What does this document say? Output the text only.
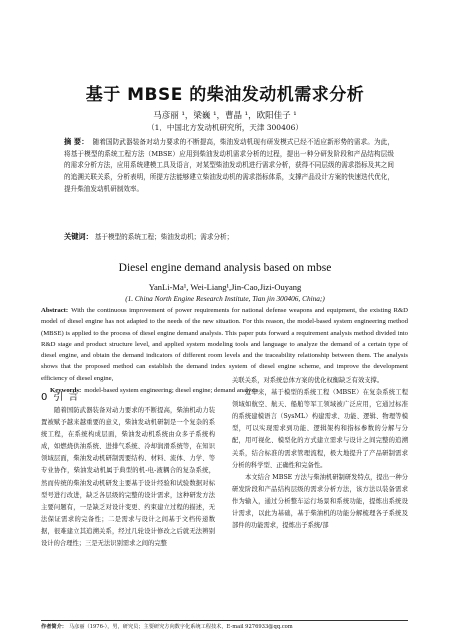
基于 MBSE 的柴油发动机需求分析
马彦丽 ¹，梁巍 ¹，曹晶 ¹，欧阳佳子 ¹
（1．中国北方发动机研究所，天津 300406）
摘 要： 随着国防武器装备对动力要求的不断提高，柴油发动机现有研发模式已经不适应新形势的需求。为此，将基于模型的系统工程方法（MBSE）应用到柴油发动机需求分析的过程，提出一种分研发阶段和产品结构层级的需求分析方法，应用系统建模工具及语言，对某型柴油发动机进行需求分析，获得不同层级的需求指标及其之间的追溯关联关系，分析表明，所提方法能够建立柴油发动机的需求指标体系，支撑产品设计方案的快速迭代优化，提升柴油发动机研制效率。
关键词： 基于模型的系统工程；柴油发动机；需求分析；
Diesel engine demand analysis based on mbse
YanLi-Ma¹, Wei-Liang¹,Jin-Cao,Jizi-Ouyang
(1. China North Engine Research Institute, Tian jin 300406, China;)
Abstract: With the continuous improvement of power requirements for national defense weapons and equipment, the existing R&D model of diesel engine has not adapted to the needs of the new situation. For this reason, the model-based system engineering method (MBSE) is applied to the process of diesel engine demand analysis. This paper puts forward a requirement analysis method divided into R&D stage and product structure level, and applied system modeling tools and language to analyze the demand of a certain type of diesel engine, and obtain the demand indicators of different room levels and the traceability relationship between them. The analysis shows that the proposed method can establish the demand index system of diesel engine scheme, and improve the development efficiency of diesel engine,
Keywords: model-based system engineering; diesel engine; demand analysis
0 引言
随着国防武器装备对动力要求的不断提高，柴油机动力装置被赋予越来越重要的意义，柴油发动机研制是一个复杂的系统工程，在系统构成层面，柴油发动机系统由众多子系统构成，如燃烧供油系统、进排气系统、冷却润滑系统等，在知识领域层面，柴油发动机研制需要结构、材料、流体、力学、等专业协作，柴油发动机属于典型的机-电-液耦合的复杂系统，然而传统的柴油发动机研发主要基于设计经验和试验数据对标型号进行改进，缺乏各层级的完整的设计需求，这种研发方法主要问题有，一是缺乏对设计变更、约束建立过程的描述，无法保证需求的完备性；二是需求与设计之间基于文档传递数据，很难建立其追溯关系，经过几轮设计修改之后就无法辨别设计的合理性；三是无法识别需求之间的完整

关联关系，对系统总体方案的优化权衡缺乏有效支撑。

近年来，基于模型的系统工程（MBSE）在复杂系统工程领域如航空、航天、船舶等军工领域被广泛应用，它通过标准的系统建模语言（SysML）构建需求、功能、逻辑、物理等模型，可以实现需求到功能、逻辑架构和指标参数的分解与分配，用可视化、模型化的方式建立需求与设计之间完整的追溯关系，结合标准的需求管理流程，极大地提升了产品研制需求分析的科学型、正确性和完备性。

本文结合 MBSE 方法与柴油机研制研发特点，提出一种分研发阶段和产品结构层级的需求分析方法，该方法以装备需求作为输入，通过分析整车运行场景和系统功能，提炼出系统设计需求，以此为基础，基于柴油机的功能分解梳理各子系统及部件的功能需求，提炼出子系统/部

作者简介： 马彦丽（1976-），男，研究员；主要研究方向数字化系统工程技术，E-mail 9276933@qq.com
